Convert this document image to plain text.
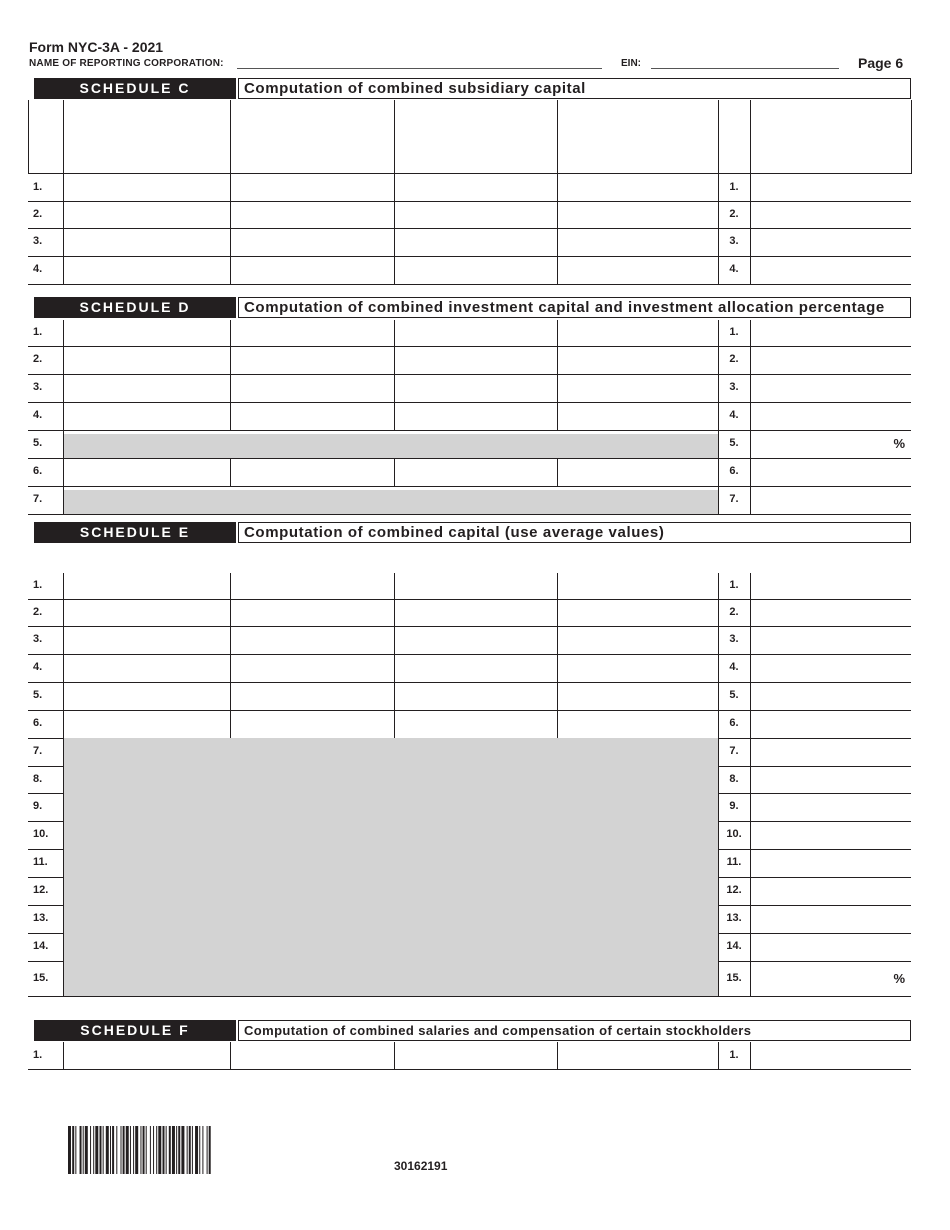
Form NYC-3A - 2021
NAME OF REPORTING CORPORATION:	EIN:	Page 6
SCHEDULE C	Computation of combined subsidiary capital
1.	1.
2.	2.
3.	3.
4.	4.
SCHEDULE D	Computation of combined investment capital and investment allocation percentage
1.	1.
2.	2.
3.	3.
4.	4.
5.	5.	%
6.	6.
7.	7.
SCHEDULE E	Computation of combined capital (use average values)
1.	1.
2.	2.
3.	3.
4.	4.
5.	5.
6.	6.
7.	7.
8.	8.
9.	9.
10.	10.
11.	11.
12.	12.
13.	13.
14.	14.
15.	15.	%
SCHEDULE F	Computation of combined salaries and compensation of certain stockholders
1.	1.
30162191
